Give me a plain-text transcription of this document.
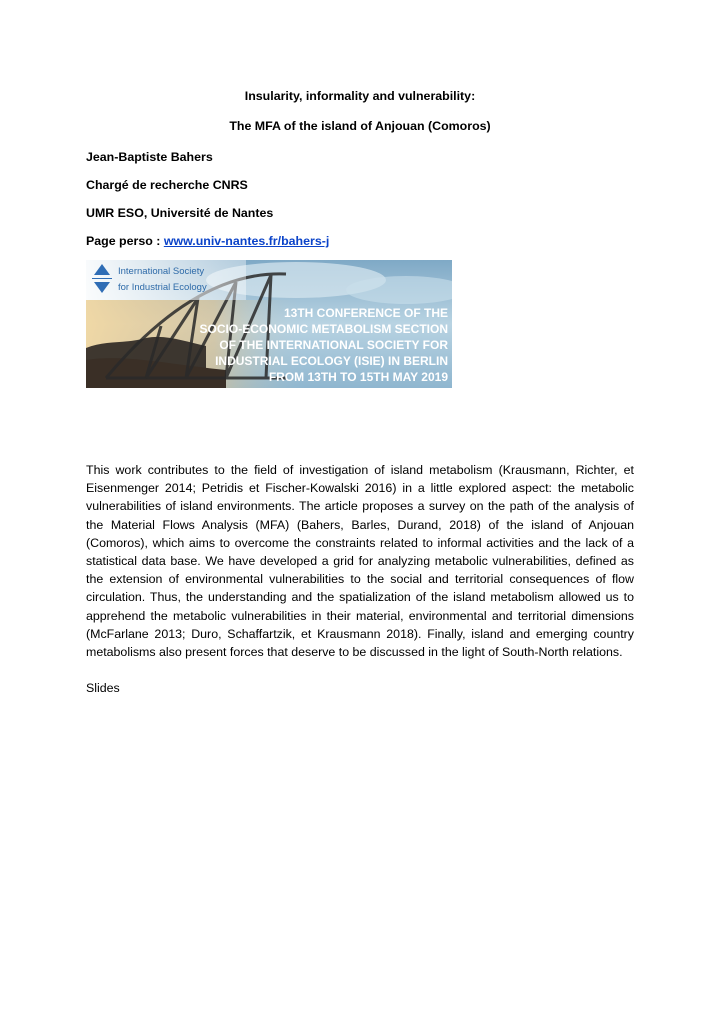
Insularity, informality and vulnerability:
The MFA of the island of Anjouan (Comoros)
Jean-Baptiste Bahers
Chargé de recherche CNRS
UMR ESO, Université de Nantes
Page perso : www.univ-nantes.fr/bahers-j
International Society
for Industrial Ecology
13TH CONFERENCE OF THE
SOCIO-ECONOMIC METABOLISM SECTION
OF THE INTERNATIONAL SOCIETY FOR
INDUSTRIAL ECOLOGY (ISIE) IN BERLIN
FROM 13TH TO 15TH MAY 2019
This work contributes to the field of investigation of island metabolism (Krausmann, Richter, et Eisenmenger 2014; Petridis et Fischer-Kowalski 2016) in a little explored aspect: the metabolic vulnerabilities of island environments. The article proposes a survey on the path of the analysis of the Material Flows Analysis (MFA) (Bahers, Barles, Durand, 2018) of the island of Anjouan (Comoros), which aims to overcome the constraints related to informal activities and the lack of a statistical data base. We have developed a grid for analyzing metabolic vulnerabilities, defined as the extension of environmental vulnerabilities to the social and territorial consequences of flow circulation. Thus, the understanding and the spatialization of the island metabolism allowed us to apprehend the metabolic vulnerabilities in their material, environmental and territorial dimensions (McFarlane 2013; Duro, Schaffartzik, et Krausmann 2018). Finally, island and emerging country metabolisms also present forces that deserve to be discussed in the light of South-North relations.
Slides
